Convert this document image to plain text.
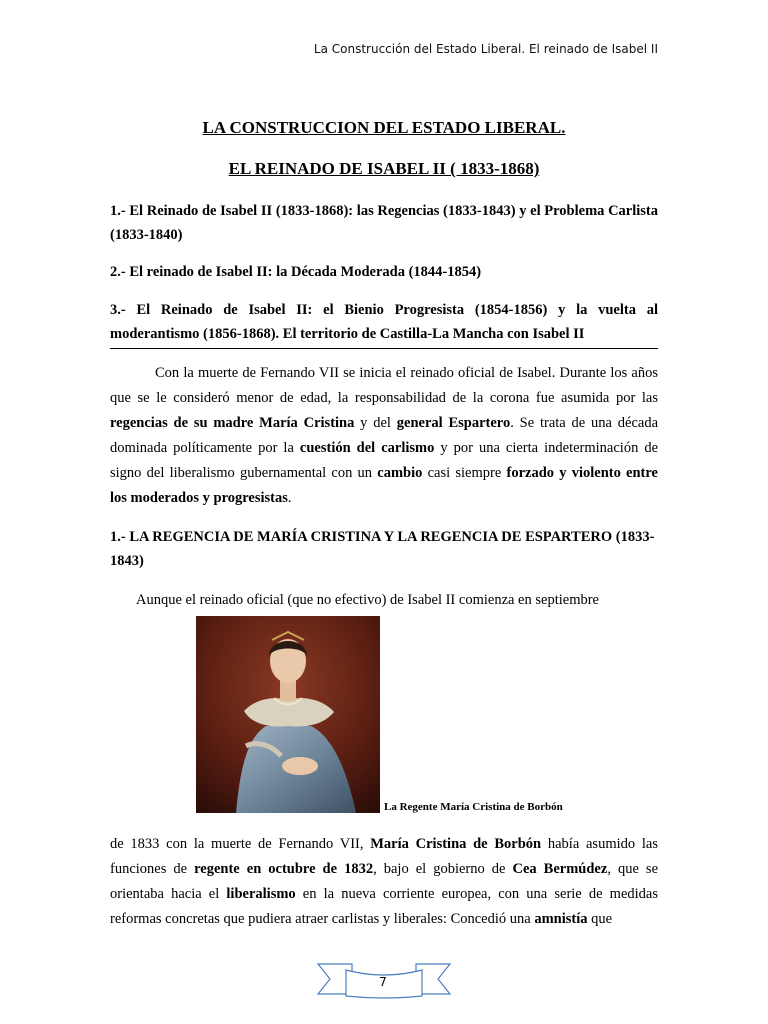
La Construcción del Estado Liberal. El reinado de Isabel II
LA CONSTRUCCION DEL ESTADO LIBERAL.
EL REINADO DE ISABEL II ( 1833-1868)
1.- El Reinado de Isabel II (1833-1868): las Regencias (1833-1843) y el Problema Carlista (1833-1840)
2.- El reinado de Isabel II: la Década Moderada (1844-1854)
3.- El Reinado de Isabel II: el Bienio Progresista (1854-1856) y la vuelta al moderantismo (1856-1868). El territorio de Castilla-La Mancha con Isabel II
Con la muerte de Fernando VII se inicia el reinado oficial de Isabel. Durante los años que se le consideró menor de edad, la responsabilidad de la corona fue asumida por las regencias de su madre María Cristina y del general Espartero. Se trata de una década dominada políticamente por la cuestión del carlismo y por una cierta indeterminación de signo del liberalismo gubernamental con un cambio casi siempre forzado y violento entre los moderados y progresistas.
1.- LA REGENCIA DE MARÍA CRISTINA Y LA REGENCIA DE ESPARTERO (1833-1843)
Aunque el reinado oficial (que no efectivo) de Isabel II comienza en septiembre
La Regente María Cristina de Borbón
de 1833 con la muerte de Fernando VII, María Cristina de Borbón había asumido las funciones de regente en octubre de 1832, bajo el gobierno de Cea Bermúdez, que se orientaba hacia el liberalismo en la nueva corriente europea, con una serie de medidas reformas concretas que pudiera atraer carlistas y liberales: Concedió una amnistía que
7
